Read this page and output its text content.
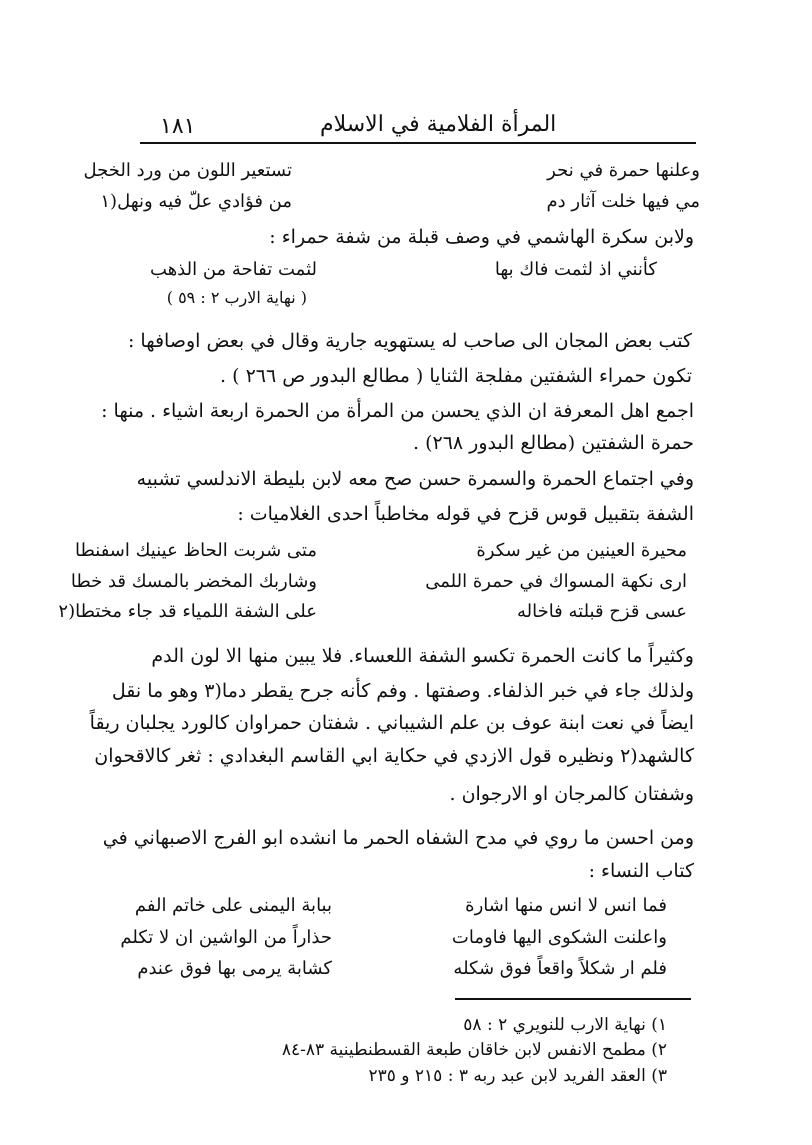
المرأة الفلامية في الاسلام
١٨١
وعلنها حمرة في نحر
تستعير اللون من ورد الخجل
مي فيها خلت آثار دم
من فؤادي علّ فيه ونهل(١
ولابن سكرة الهاشمي في وصف قبلة من شفة حمراء :
كأنني اذ لثمت فاك بها
لثمت تفاحة من الذهب
( نهاية الارب ٢ : ٥٩ )
كتب بعض المجان الى صاحب له يستهويه جارية وقال في بعض اوصافها :
تكون حمراء الشفتين مفلجة الثنايا ( مطالع البدور ص ٢٦٦ ) .
اجمع اهل المعرفة ان الذي يحسن من المرأة من الحمرة اربعة اشياء . منها :
حمرة الشفتين (مطالع البدور ٢٦٨) .
وفي اجتماع الحمرة والسمرة حسن صح معه لابن بليطة الاندلسي تشبيه
الشفة بتقبيل قوس قزح في قوله مخاطباً احدى الغلاميات :
محيرة العينين من غير سكرة
متى شربت الحاظ عينيك اسفنطا
ارى نكهة المسواك في حمرة اللمى
وشاربك المخضر بالمسك قد خطا
عسى قزح قبلته فاخاله
على الشفة اللمياء قد جاء مختطا(٢
وكثيراً ما كانت الحمرة تكسو الشفة اللعساء. فلا يبين منها الا لون الدم
ولذلك جاء في خبر الذلفاء. وصفتها . وفم كأنه جرح يقطر دما(٣ وهو ما نقل
ايضاً في نعت ابنة عوف بن علم الشيباني . شفتان حمراوان كالورد يجلبان ريقاً
كالشهد(٢ ونظيره قول الازدي في حكاية ابي القاسم البغدادي : ثغر كالاقحوان
وشفتان كالمرجان او الارجوان .
ومن احسن ما روي في مدح الشفاه الحمر ما انشده ابو الفرج الاصبهاني في
كتاب النساء :
فما انس لا انس منها اشارة
ببابة اليمنى على خاتم الفم
واعلنت الشكوى اليها فاومات
حذاراً من الواشين ان لا تكلم
فلم ار شكلاً واقعاً فوق شكله
كشابة يرمى بها فوق عندم
١) نهاية الارب للنويري ٢ : ٥٨
٢) مطمح الانفس لابن خاقان طبعة القسطنطينية ٨٣-٨٤
٣) العقد الفريد لابن عبد ربه ٣ : ٢١٥ و ٢٣٥
